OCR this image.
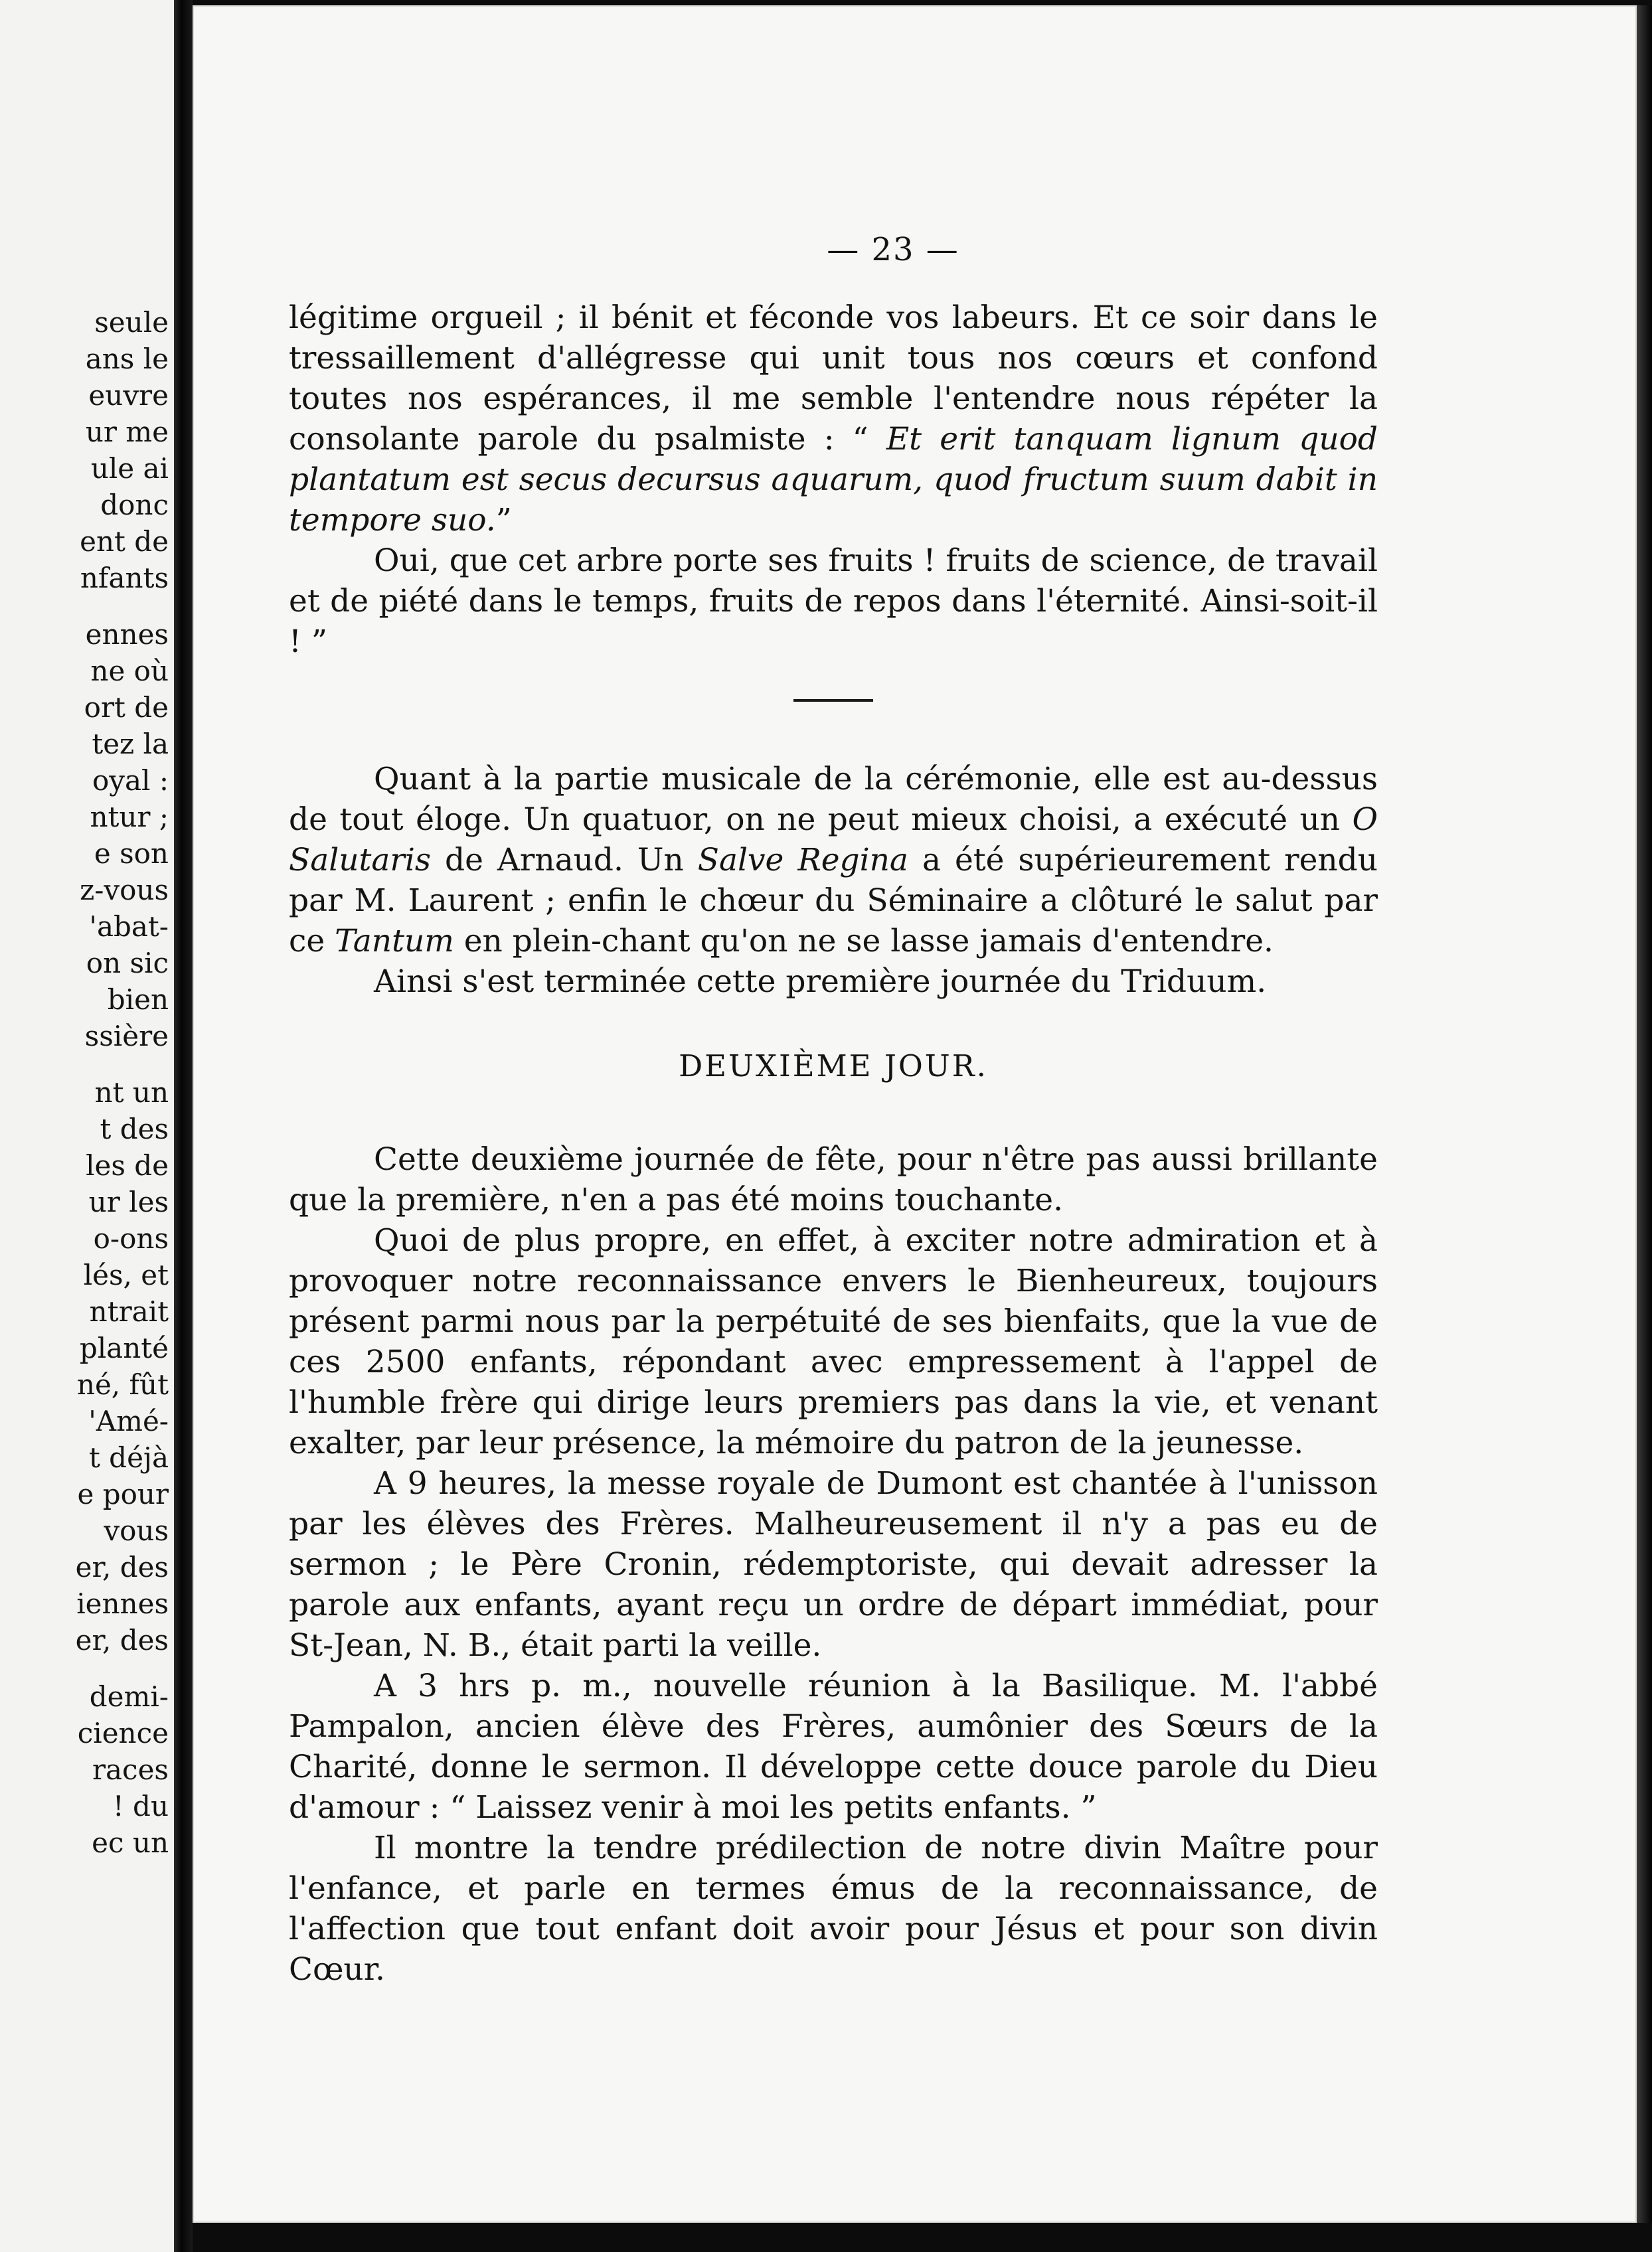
seule
ans le
euvre
ur me
ule ai
donc
ent de
nfants
ennes
ne où
ort de
tez la
oyal :
ntur ;
e son
z-vous
'abat-
on sic
bien
ssière
nt un
t des
les de
ur les
o-ons
lés, et
ntrait
planté
né, fût
'Amé-
t déjà
e pour
vous
er, des
iennes
er, des
demi-
cience
races
! du
ec un
— 23 —

légitime orgueil ; il bénit et féconde vos labeurs. Et ce soir dans le tressaillement d'allégresse qui unit tous nos cœurs et confond toutes nos espérances, il me semble l'entendre nous répéter la consolante parole du psalmiste : “ Et erit tanquam lignum quod plantatum est secus decursus aquarum, quod fructum suum dabit in tempore suo.”

Oui, que cet arbre porte ses fruits ! fruits de science, de travail et de piété dans le temps, fruits de repos dans l'éternité. Ainsi-soit-il ! ”

Quant à la partie musicale de la cérémonie, elle est au-dessus de tout éloge. Un quatuor, on ne peut mieux choisi, a exécuté un O Salutaris de Arnaud. Un Salve Regina a été supérieurement rendu par M. Laurent ; enfin le chœur du Séminaire a clôturé le salut par ce Tantum en plein-chant qu'on ne se lasse jamais d'entendre.

Ainsi s'est terminée cette première journée du Triduum.

DEUXIÈME JOUR.

Cette deuxième journée de fête, pour n'être pas aussi brillante que la première, n'en a pas été moins touchante.

Quoi de plus propre, en effet, à exciter notre admiration et à provoquer notre reconnaissance envers le Bienheureux, toujours présent parmi nous par la perpétuité de ses bienfaits, que la vue de ces 2500 enfants, répondant avec empressement à l'appel de l'humble frère qui dirige leurs premiers pas dans la vie, et venant exalter, par leur présence, la mémoire du patron de la jeunesse.

A 9 heures, la messe royale de Dumont est chantée à l'unisson par les élèves des Frères. Malheureusement il n'y a pas eu de sermon ; le Père Cronin, rédemptoriste, qui devait adresser la parole aux enfants, ayant reçu un ordre de départ immédiat, pour St-Jean, N. B., était parti la veille.

A 3 hrs p. m., nouvelle réunion à la Basilique. M. l'abbé Pampalon, ancien élève des Frères, aumônier des Sœurs de la Charité, donne le sermon. Il développe cette douce parole du Dieu d'amour : “ Laissez venir à moi les petits enfants. ”

Il montre la tendre prédilection de notre divin Maître pour l'enfance, et parle en termes émus de la reconnaissance, de l'affection que tout enfant doit avoir pour Jésus et pour son divin Cœur.
